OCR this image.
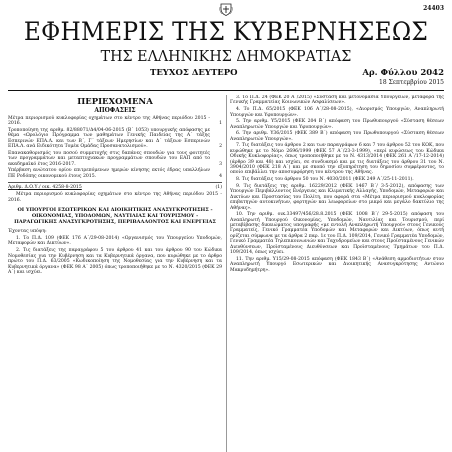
24403
ΕΦΗΜΕΡΙΣ ΤΗΣ ΚΥΒΕΡΝΗΣΕΩΣ
ΤΗΣ ΕΛΛΗΝΙΚΗΣ ΔΗΜΟΚΡΑΤΙΑΣ
ΤΕΥΧΟΣ ΔΕΥΤΕΡΟ	Αρ. Φύλλου 2042
18 Σεπτεμβρίου 2015
ΠΕΡΙΕΧΟΜΕΝΑ
ΑΠΟΦΑΣΕΙΣ
Μέτρα περιορισμού κυκλοφορίας οχημάτων στο κέντρο της Αθήνας περιόδου 2015 - 2016.	1
Τροποποίηση της αριθμ. 82/88071/Δ4/04-06-2015 (Β΄ 1053) υπουργικής απόφασης με θέμα «Ωρολόγιο Πρόγραμμα των μαθημάτων Γενικής Παιδείας της Α΄ τάξης Εσπερινών ΕΠΑ.Λ. και των Β΄, Γ΄ τάξεων Ημερησίων και Δ΄ τάξεων Εσπερινών ΕΠΑ.Λ. ανά Ειδικότητα Τομέα Ομάδας Προσανατολισμού».	2
Επανακαθορισμός του ποσού συμμετοχής στις δαπάνες σπουδών για τους φοιτητές των προγραμμάτων και μεταπτυχιακών προγραμμάτων σπουδών του ΕΑΠ από το ακαδημαϊκό έτος 2016-2017.	3
Υπέρβαση ανώτατου ορίου επιτρεπόμενων ημερών κίνησης εκτός έδρας υπαλλήλων ΠΕ Ροδόπης οικονομικού έτους 2015.	4
Αριθμ. Δ.Ο.Υ./ οικ. 4258-8-2015	(1)
Μέτρα περιορισμού κυκλοφορίας οχημάτων στο κέντρο της Αθήνας περιόδου 2015 - 2016.
ΟΙ ΥΠΟΥΡΓΟΙ ΕΣΩΤΕΡΙΚΩΝ ΚΑΙ ΔΙΟΙΚΗΤΙΚΗΣ ΑΝΑΣΥΓΚΡΟΤΗΣΗΣ - ΟΙΚΟΝΟΜΙΑΣ, ΥΠΟΔΟΜΩΝ, ΝΑΥΤΙΛΙΑΣ ΚΑΙ ΤΟΥΡΙΣΜΟΥ - ΠΑΡΑΓΩΓΙΚΗΣ ΑΝΑΣΥΓΚΡΟΤΗΣΗΣ, ΠΕΡΙΒΑΛΛΟΝΤΟΣ ΚΑΙ ΕΝΕΡΓΕΙΑΣ
Έχοντας υπόψη:
1. Το Π.Δ. 109 (ΦΕΚ 176 Α΄/29-08-2014) «Οργανισμός του Υπουργείου Υποδομών, Μεταφορών και Δικτύων».
2. Τις διατάξεις της παραγράφου 5 του άρθρου 41 και του άρθρου 90 του Κώδικα Νομοθεσίας για την Κυβέρνηση και τα Κυβερνητικά όργανα, που κυρώθηκε με το άρθρο πρώτο του Π.Δ. 63/2005 «Κωδικοποίηση της Νομοθεσίας για την Κυβέρνηση και τα Κυβερνητικά όργανα» (ΦΕΚ 98 Α΄ 2005) όπως τροποποιήθηκε με το Ν. 4320/2015 (ΦΕΚ 29 Α΄) και ισχύει.
3. Το Π.Δ. 24 (ΦΕΚ 20 Α΄/2015) «Σύσταση και μετονομασία Υπουργείων, μεταφορά της Γενικής Γραμματείας Κοινωνικών Ασφαλίσεων».
4. Το Π.Δ. 65/2015 (ΦΕΚ 106 Α΄/28-08-2015), «Διορισμός Υπουργών, Αναπληρωτή Υπουργών και Υφυπουργών».
5. Την αριθμ. Υ5/2015 (ΦΕΚ 204 Β΄) απόφαση του Πρωθυπουργού «Σύσταση θέσεων Αναπληρωτών Υπουργών και Υφυπουργών».
6. Την αριθμ. Υ36/2015 (ΦΕΚ 389 Β΄) απόφαση του Πρωθυπουργού «Σύσταση θέσεων Αναπληρωτών Υπουργών».
7. Τις διατάξεις του άρθρου 2 και των παραγράφων 6 και 7 του άρθρου 52 του ΚΟΚ, που κυρώθηκε με το Νόμο 2696/1999 (ΦΕΚ 57 Α΄/23-3-1999), «περί κυρώσεως του Κώδικα Οδικής Κυκλοφορίας», όπως τροποποιήθηκε με το Ν. 4313/2014 (ΦΕΚ 261 Α΄/17-12-2014) (άρθρο 39 και 48) και ισχύει, σε συνδυασμό και με τις διατάξεις του άρθρου 31 του Ν. 3904/2010 (ΦΕΚ 218 Α΄) και με σκοπό την εξυπηρέτηση του δημοσίου συμφέροντος, το οποίο επιβάλλει την αποσυμφόρηση του κέντρου της Αθήνας.
8. Τις διατάξεις του άρθρου 50 του Ν. 4030/2011 (ΦΕΚ 249 Α΄/25-11-2011).
9. Τις διατάξεις της αριθμ. 16229/2012 (ΦΕΚ 1467 Β΄/ 3-5-2012), απόφασης των Υπουργών Περιβάλλοντος Ενέργειας και Κλιματικής Αλλαγής, Υποδομών, Μεταφορών και Δικτύων και Προστασίας του Πολίτη, που αφορά στα «Μέτρα περιορισμού κυκλοφορίας επιβατηγών αυτοκινήτων, φορτηγών και λεωφορείων στο μικρό και μεγάλο δακτύλιο της Αθήνας».
10. Την αριθμ. οικ.33497/456/28.8.2015 (ΦΕΚ 1008 Β΄/ 29-5-2015) απόφαση του Αναπληρωτή Υπουργού Οικονομίας, Υποδομών, Ναυτιλίας και Τουρισμού, περί μεταβίβασης δικαιώματος υπογραφής «με εντολή Αναπληρωτή Υπουργού» στους Γενικούς Γραμματείς, Γενικό Γραμματέα Υποδομών και Μεταφορών και Δικτύων, όπως αυτή ορίζεται σύμφωνα με τα άρθρα 2 παρ. 1ε του Π.Δ. 109/2014, Γενικό Γραμματέα Υποδομών, Γενικό Γραμματέα Τηλεπικοινωνιών και Ταχυδρομείων και στους Προϊσταμένους Γενικών Διευθύνσεων, Προϊσταμένους Διευθύνσεων και Προϊσταμένους Τμημάτων του Π.Δ. 109/2014, όπως ισχύει.
11. Την αριθμ. Υ15/29-08-2015 απόφαση (ΦΕΚ 1843 Β΄) «Ανάθεση αρμοδιοτήτων στον Αναπληρωτή Υπουργό Εσωτερικών και Διοικητικής Ανασυγκρότησης Αντώνιο Μακρυδημήτρη».
